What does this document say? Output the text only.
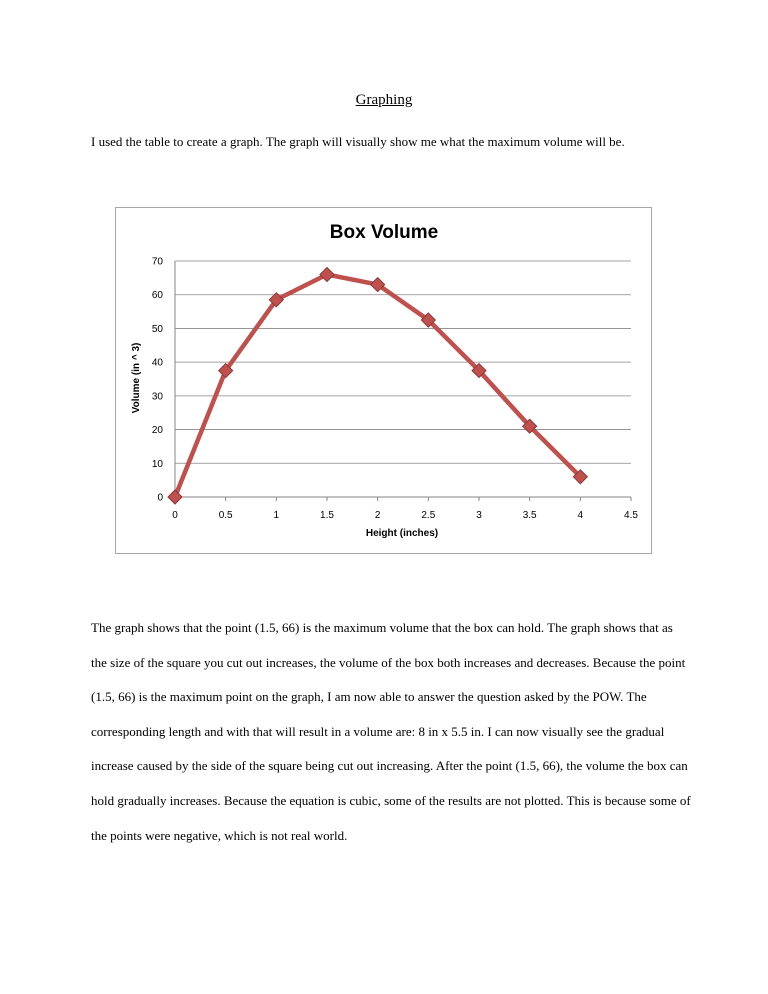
Graphing

I used the table to create a graph. The graph will visually show me what the maximum volume will be.

Box Volume
0
10
20
30
40
50
60
70
0	0.5	1	1.5	2	2.5	3	3.5	4	4.5
Height (inches)
Volume (in ^ 3)

The graph shows that the point (1.5, 66) is the maximum volume that the box can hold. The graph shows that as the size of the square you cut out increases, the volume of the box both increases and decreases. Because the point (1.5, 66) is the maximum point on the graph, I am now able to answer the question asked by the POW. The corresponding length and with that will result in a volume are: 8 in x 5.5 in. I can now visually see the gradual increase caused by the side of the square being cut out increasing. After the point (1.5, 66), the volume the box can hold gradually increases. Because the equation is cubic, some of the results are not plotted. This is because some of the points were negative, which is not real world.
